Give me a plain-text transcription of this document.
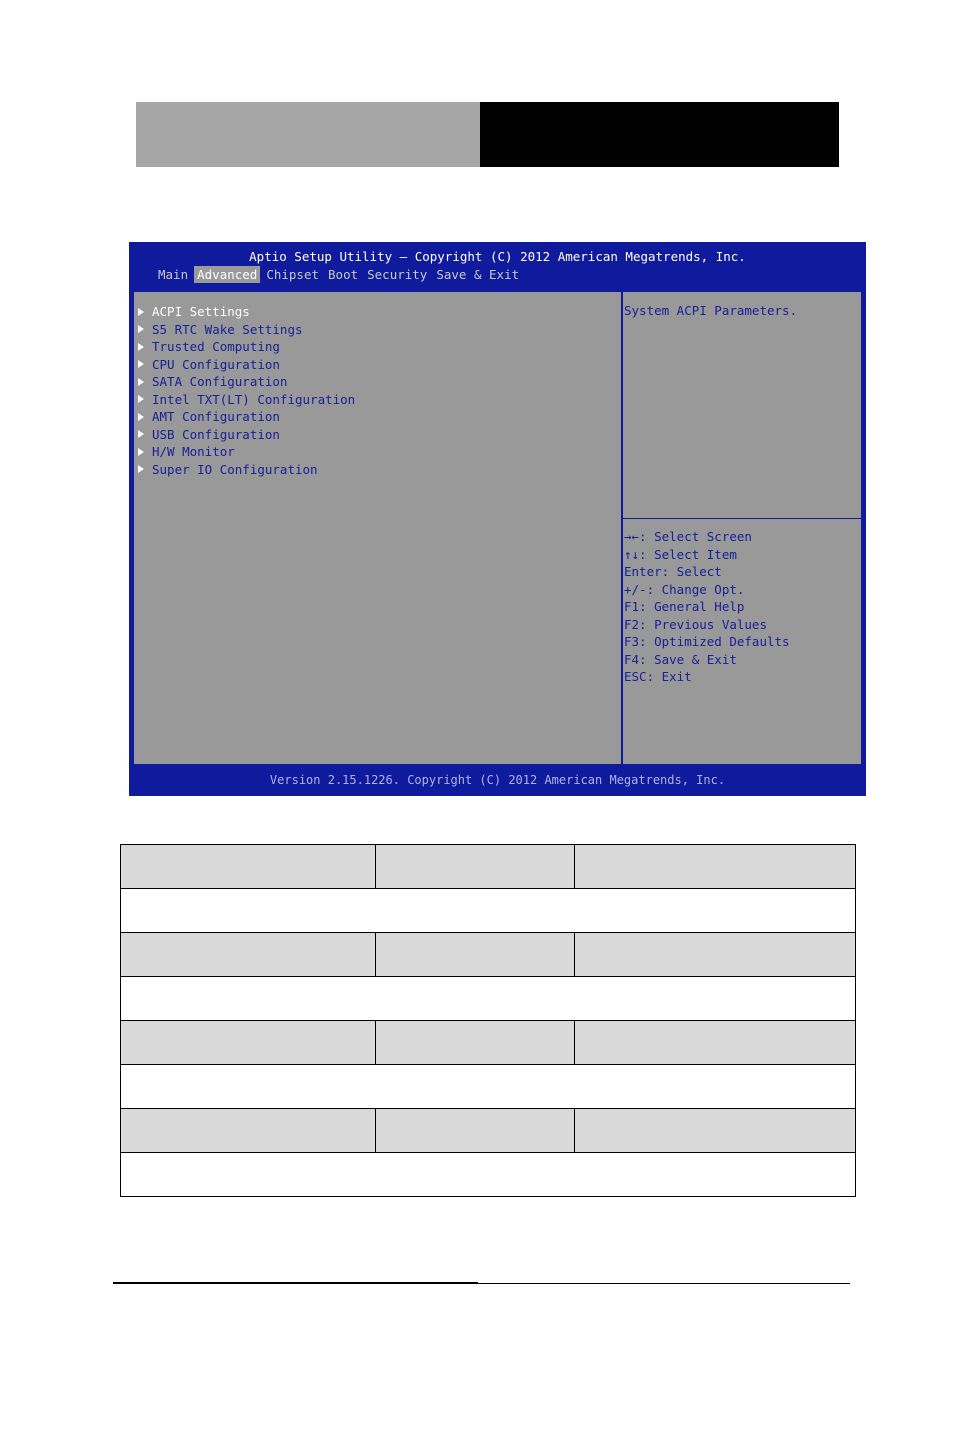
Aptio Setup Utility – Copyright (C) 2012 American Megatrends, Inc.
Main Advanced Chipset Boot Security Save & Exit
ACPI Settings
S5 RTC Wake Settings
Trusted Computing
CPU Configuration
SATA Configuration
Intel TXT(LT) Configuration
AMT Configuration
USB Configuration
H/W Monitor
Super IO Configuration
System ACPI Parameters.
→←: Select Screen
↑↓: Select Item
Enter: Select
+/-: Change Opt.
F1: General Help
F2: Previous Values
F3: Optimized Defaults
F4: Save & Exit
ESC: Exit
Version 2.15.1226. Copyright (C) 2012 American Megatrends, Inc.
